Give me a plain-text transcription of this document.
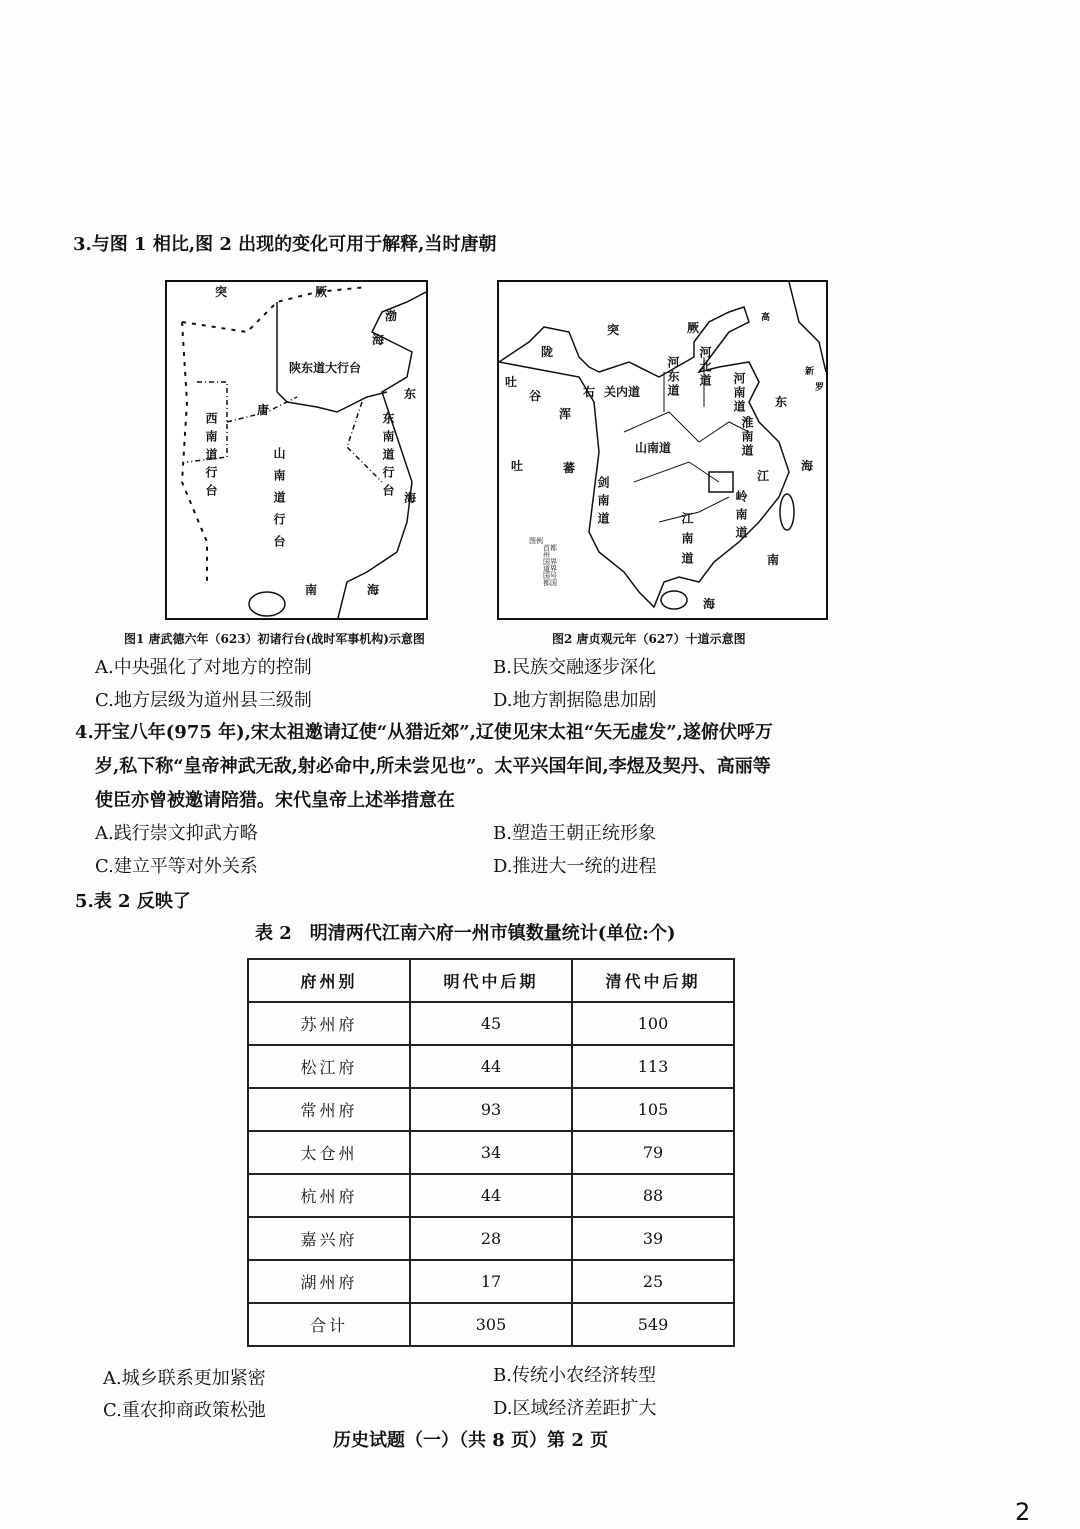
3.与图 1 相比,图 2 出现的变化可用于解释,当时唐朝
突	厥
渤
海
陕东道大行台
唐
西南道行台	山南道行台	东南道行台
东
海
南	海
突	厥
陇
吐
谷
浑
吐	蕃
右 关内道 河东道 河北道
河南道
山南道	淮南道
江
剑南道	岭南道
江南道
东
海
南
海
高
新
罗
图例
首都
州
国界
道界
国号
都国
图1 唐武德六年（623）初诸行台(战时军事机构)示意图	图2 唐贞观元年（627）十道示意图
A.中央强化了对地方的控制	B.民族交融逐步深化
C.地方层级为道州县三级制	D.地方割据隐患加剧
4.开宝八年(975 年),宋太祖邀请辽使“从猎近郊”,辽使见宋太祖“矢无虚发”,遂俯伏呼万
岁,私下称“皇帝神武无敌,射必命中,所未尝见也”。太平兴国年间,李煜及契丹、高丽等
使臣亦曾被邀请陪猎。宋代皇帝上述举措意在
A.践行崇文抑武方略	B.塑造王朝正统形象
C.建立平等对外关系	D.推进大一统的进程
5.表 2 反映了
表 2　明清两代江南六府一州市镇数量统计(单位:个)
府州别	明代中后期	清代中后期
苏州府	45	100
松江府	44	113
常州府	93	105
太仓州	34	79
杭州府	44	88
嘉兴府	28	39
湖州府	17	25
合计	305	549
A.城乡联系更加紧密	B.传统小农经济转型
C.重农抑商政策松弛	D.区域经济差距扩大
历史试题（一）（共 8 页）第 2 页
2
